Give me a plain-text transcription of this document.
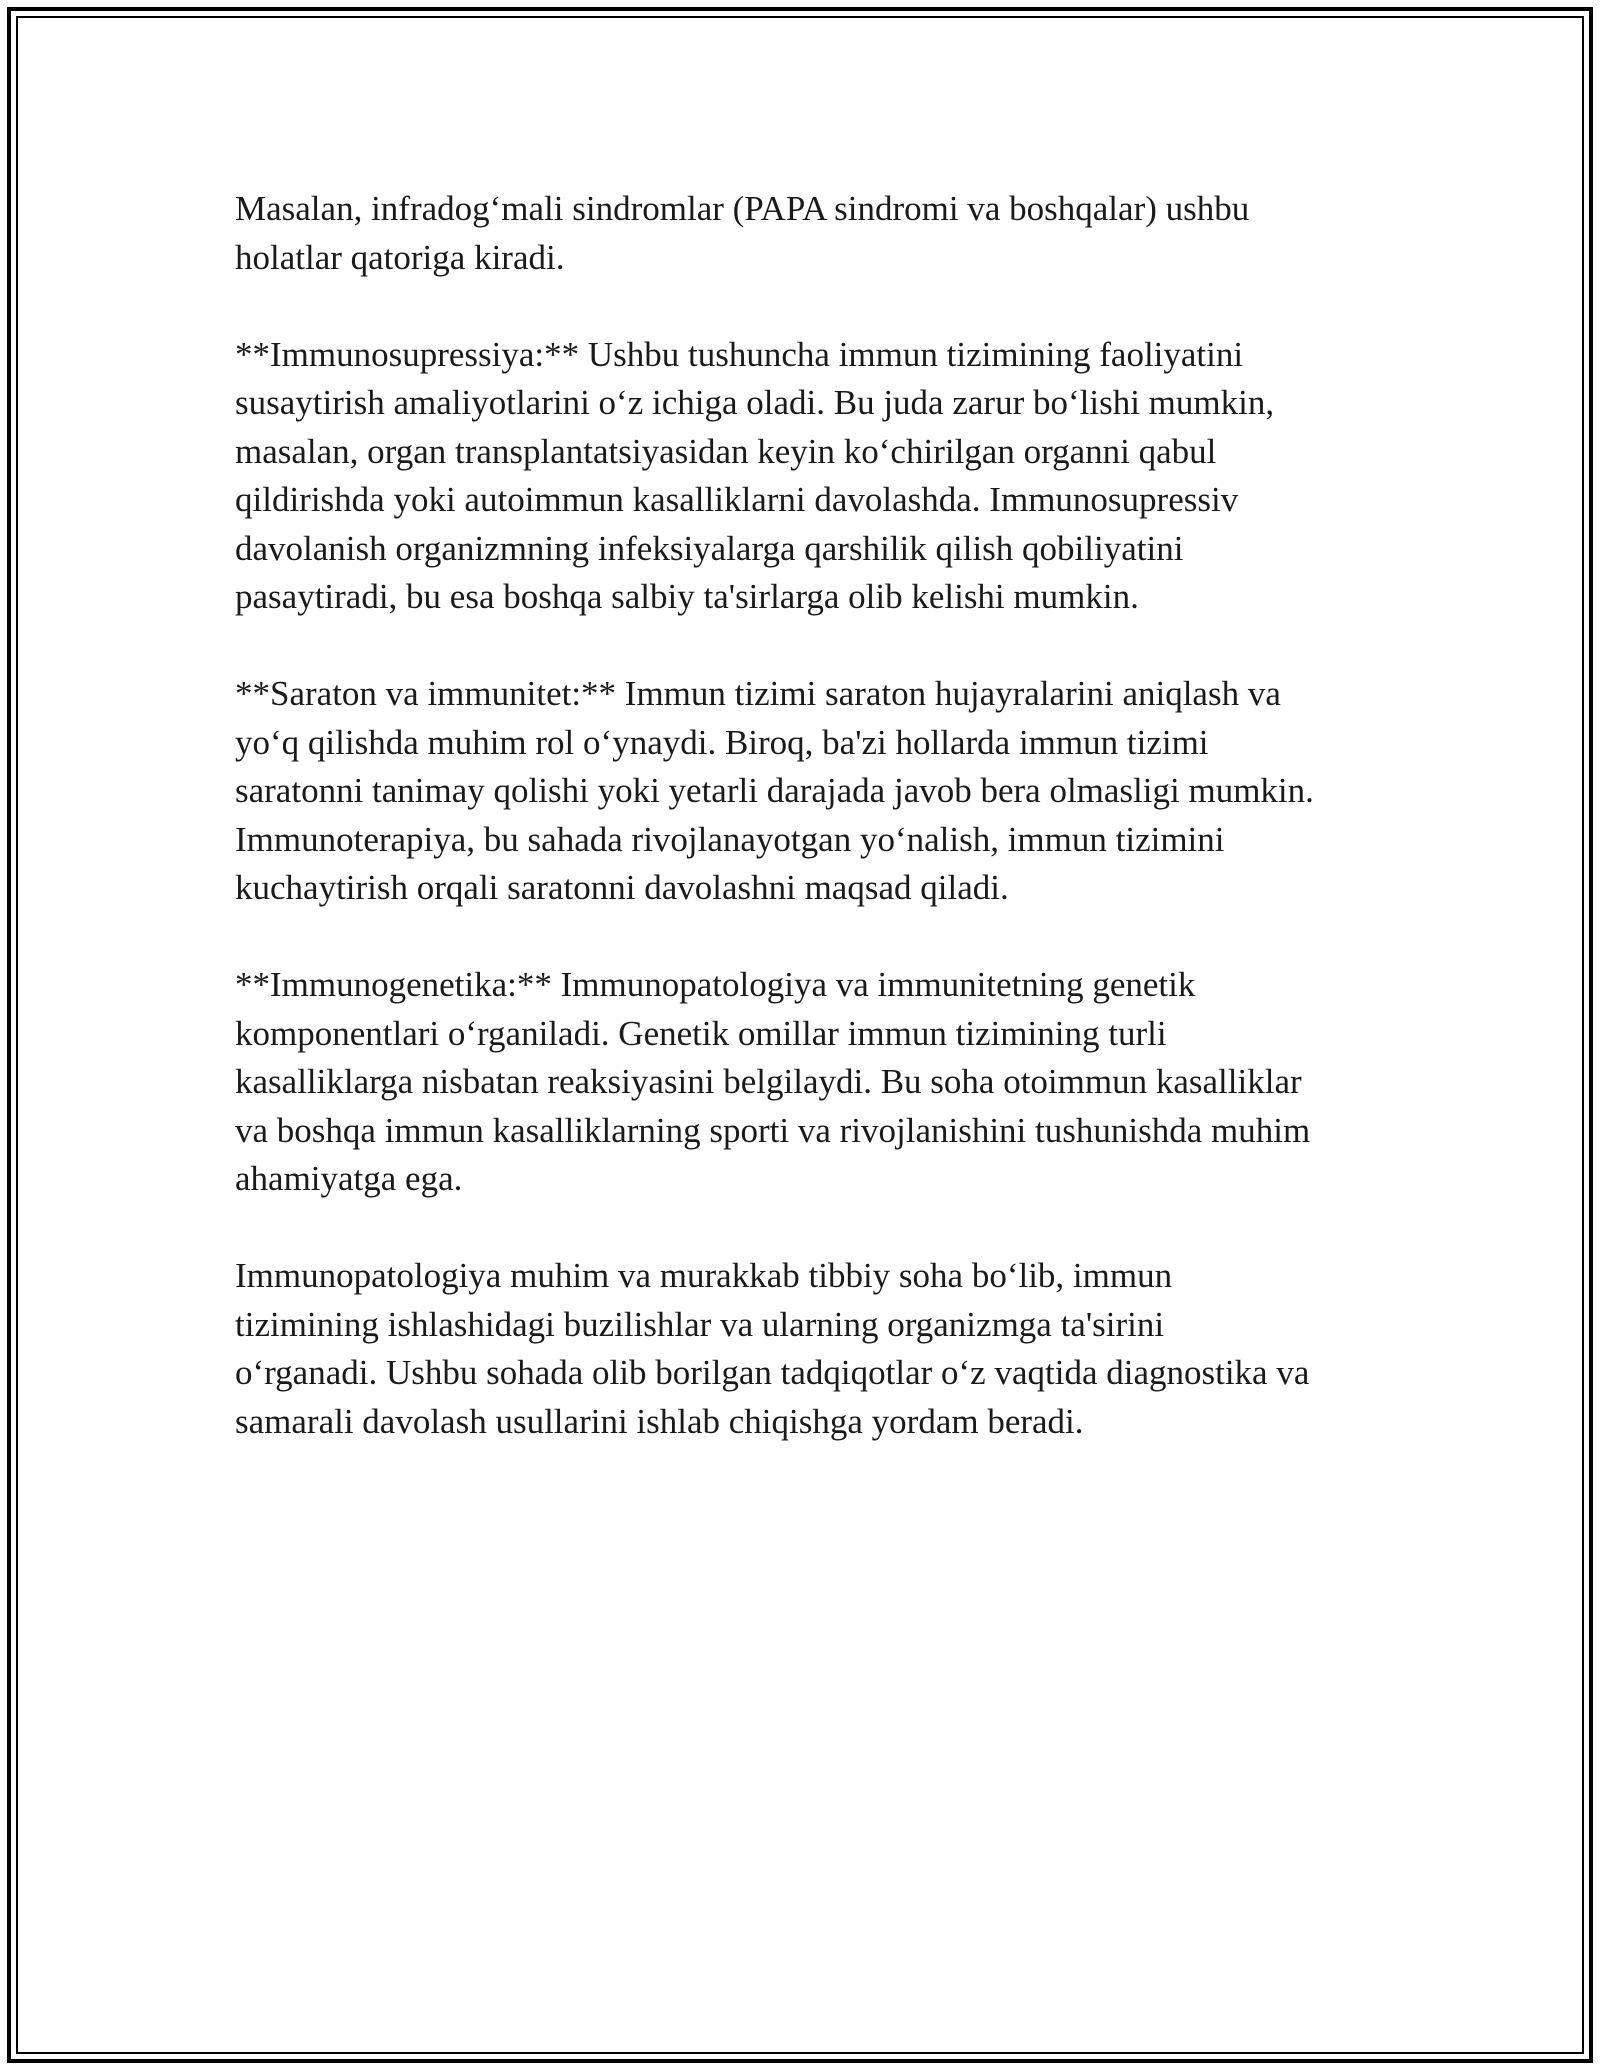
Masalan, infradog‘mali sindromlar (PAPA sindromi va boshqalar) ushbu
holatlar qatoriga kiradi.

**Immunosupressiya:** Ushbu tushuncha immun tizimining faoliyatini
susaytirish amaliyotlarini o‘z ichiga oladi. Bu juda zarur bo‘lishi mumkin,
masalan, organ transplantatsiyasidan keyin ko‘chirilgan organni qabul
qildirishda yoki autoimmun kasalliklarni davolashda. Immunosupressiv
davolanish organizmning infeksiyalarga qarshilik qilish qobiliyatini
pasaytiradi, bu esa boshqa salbiy ta'sirlarga olib kelishi mumkin.

**Saraton va immunitet:** Immun tizimi saraton hujayralarini aniqlash va
yo‘q qilishda muhim rol o‘ynaydi. Biroq, ba'zi hollarda immun tizimi
saratonni tanimay qolishi yoki yetarli darajada javob bera olmasligi mumkin.
Immunoterapiya, bu sahada rivojlanayotgan yo‘nalish, immun tizimini
kuchaytirish orqali saratonni davolashni maqsad qiladi.

**Immunogenetika:** Immunopatologiya va immunitetning genetik
komponentlari o‘rganiladi. Genetik omillar immun tizimining turli
kasalliklarga nisbatan reaksiyasini belgilaydi. Bu soha otoimmun kasalliklar
va boshqa immun kasalliklarning sporti va rivojlanishini tushunishda muhim
ahamiyatga ega.

Immunopatologiya muhim va murakkab tibbiy soha bo‘lib, immun
tizimining ishlashidagi buzilishlar va ularning organizmga ta'sirini
o‘rganadi. Ushbu sohada olib borilgan tadqiqotlar o‘z vaqtida diagnostika va
samarali davolash usullarini ishlab chiqishga yordam beradi.
